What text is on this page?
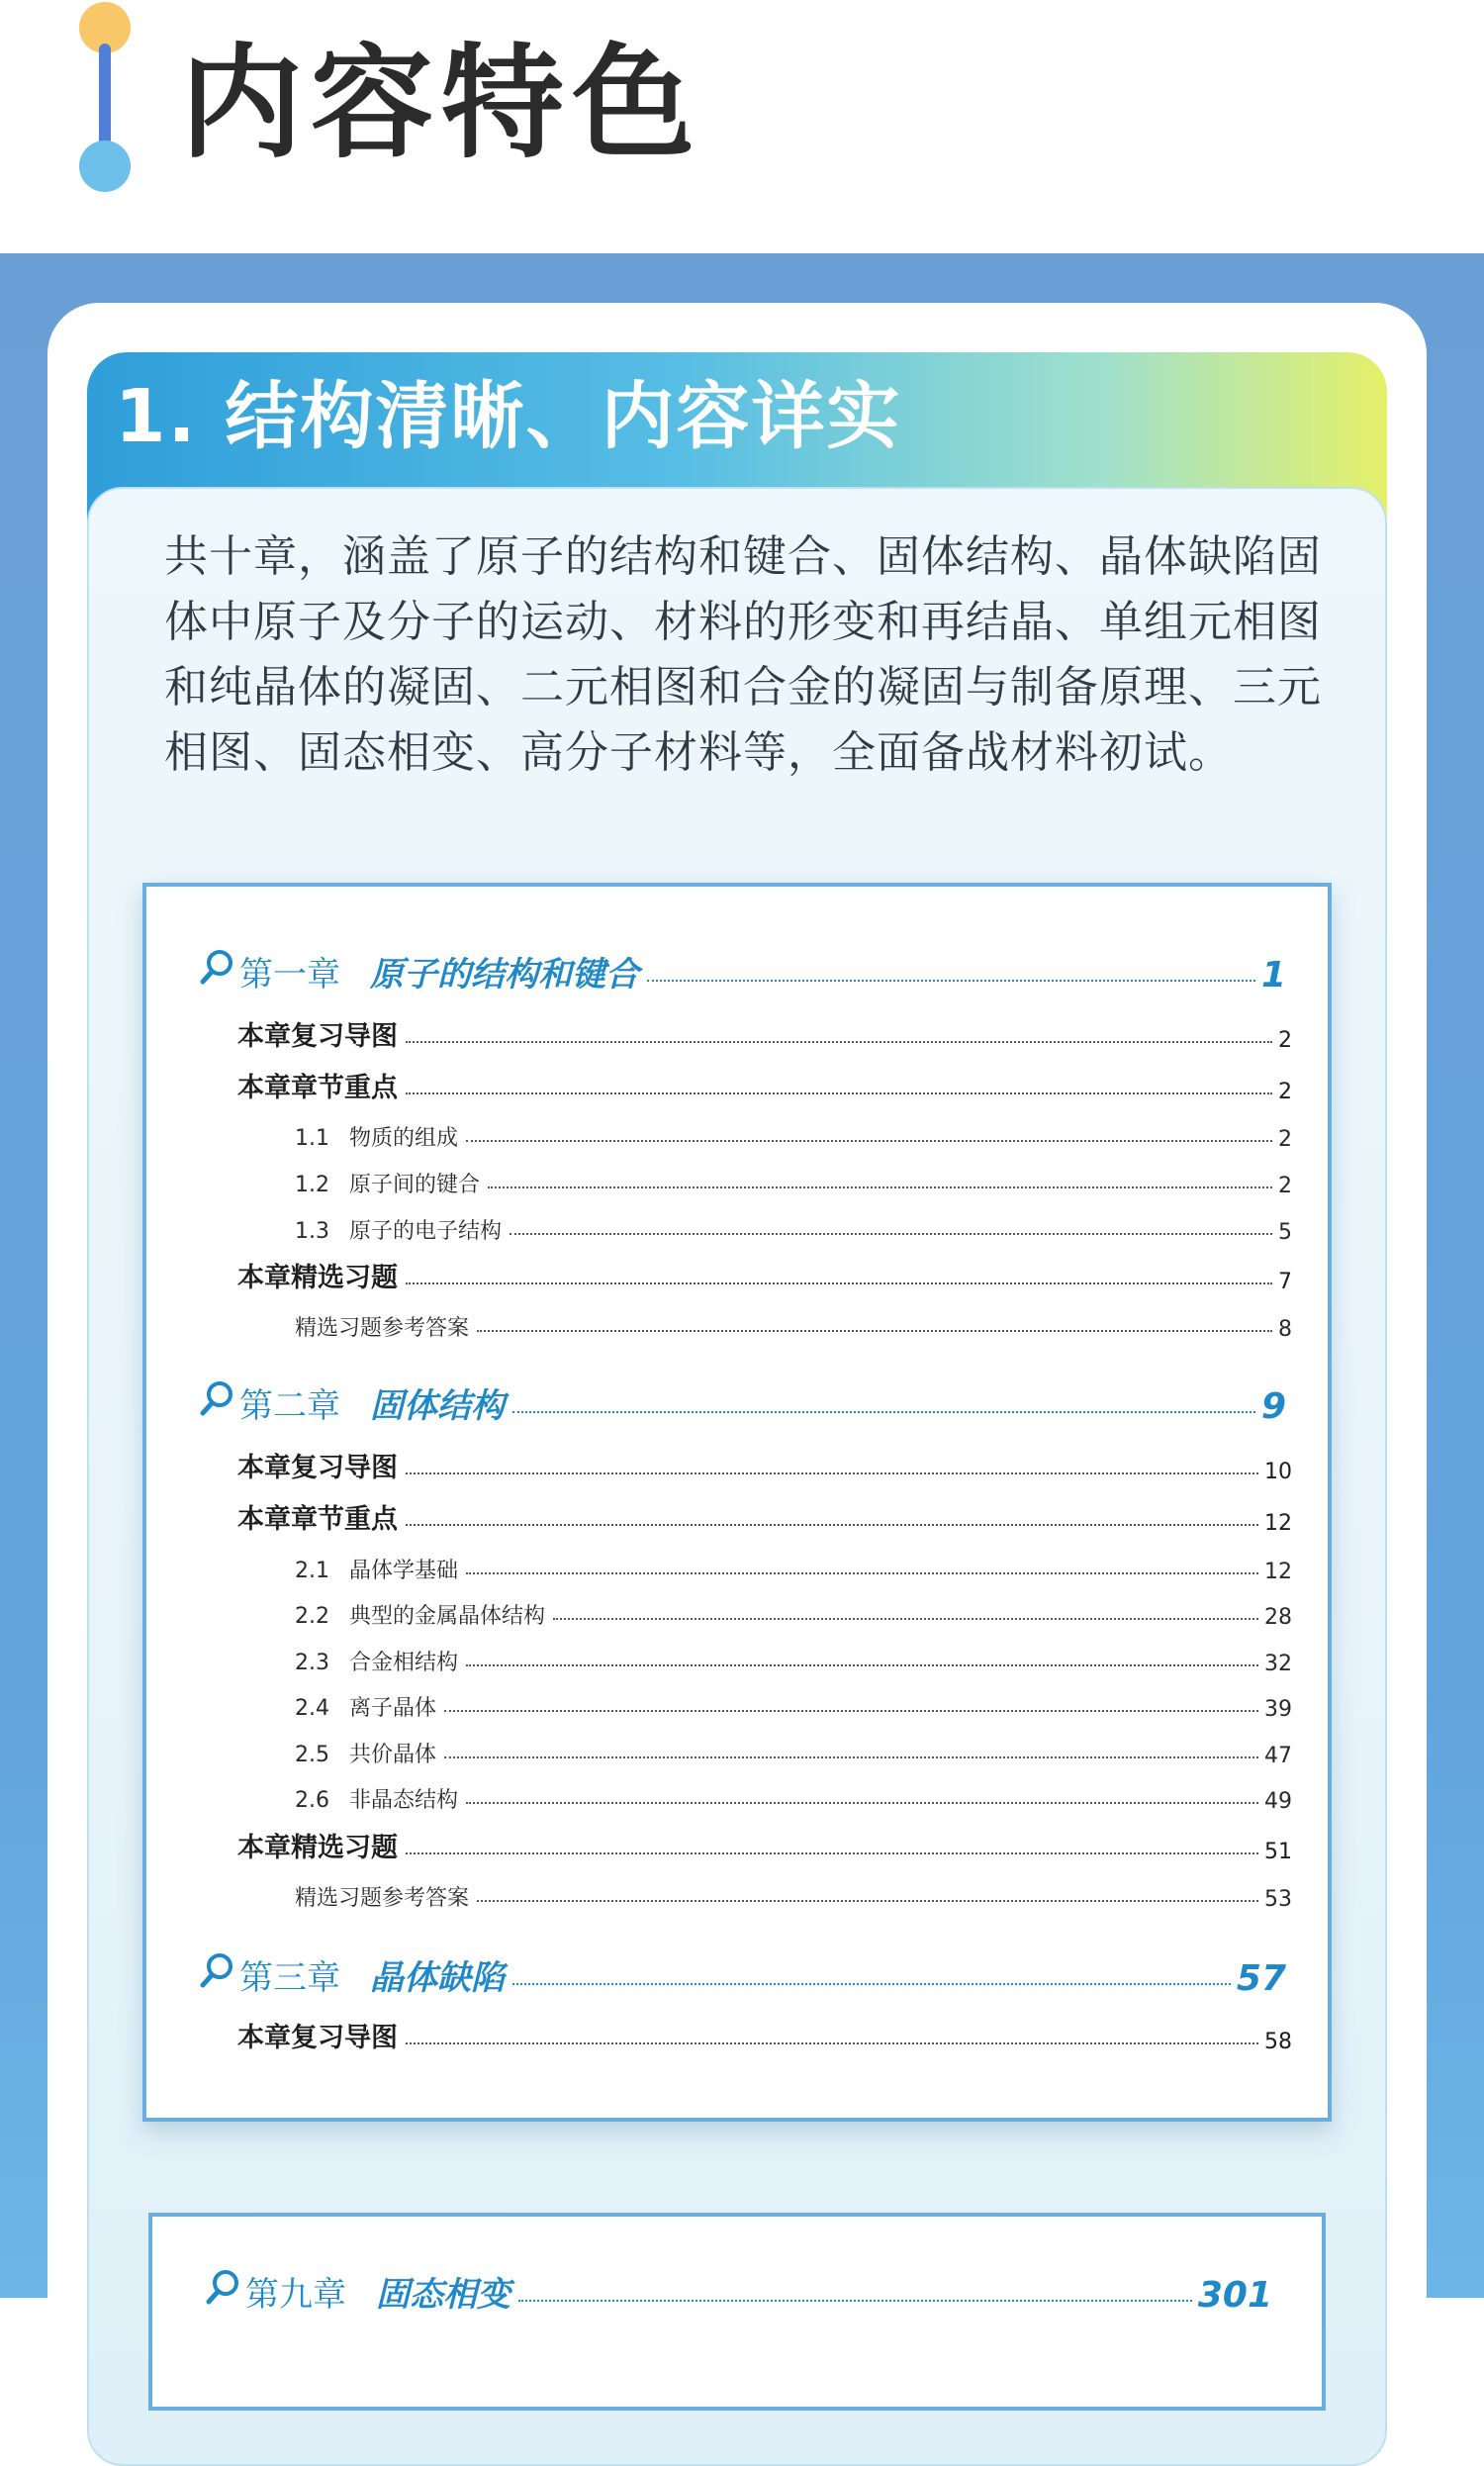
内容特色
1. 结构清晰、内容详实

共十章，涵盖了原子的结构和键合、固体结构、晶体缺陷固体中原子及分子的运动、材料的形变和再结晶、单组元相图和纯晶体的凝固、二元相图和合金的凝固与制备原理、三元相图、固态相变、高分子材料等，全面备战材料初试。

第一章 原子的结构和键合	1
本章复习导图	2
本章章节重点	2
1.1 物质的组成	2
1.2 原子间的键合	2
1.3 原子的电子结构	5
本章精选习题	7
精选习题参考答案	8
第二章 固体结构	9
本章复习导图	10
本章章节重点	12
2.1 晶体学基础	12
2.2 典型的金属晶体结构	28
2.3 合金相结构	32
2.4 离子晶体	39
2.5 共价晶体	47
2.6 非晶态结构	49
本章精选习题	51
精选习题参考答案	53
第三章 晶体缺陷	57
本章复习导图	58
第九章 固态相变	301
